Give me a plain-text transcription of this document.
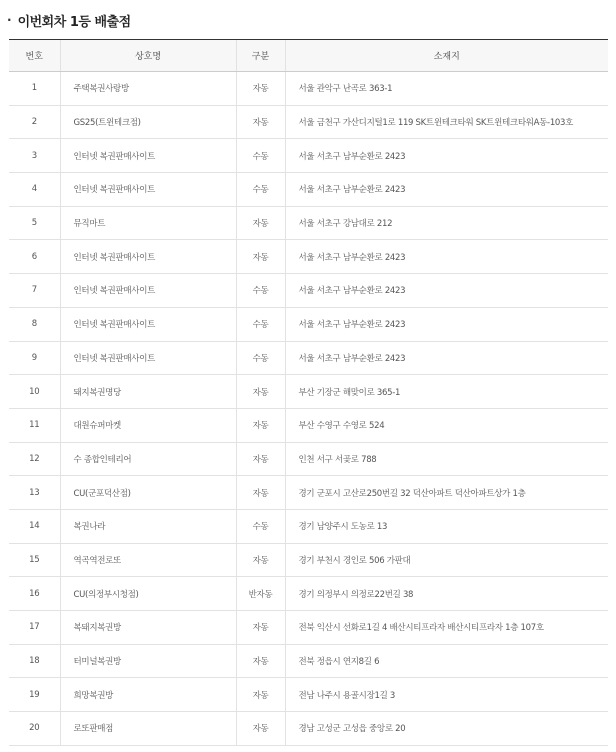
· 이번회차 1등 배출점
번호	상호명	구분	소재지
1	주택복권사랑방	자동	서울 관악구 난곡로 363-1
2	GS25(트윈테크점)	자동	서울 금천구 가산디지털1로 119 SK트윈테크타워 SK트윈테크타워A동-103호
3	인터넷 복권판매사이트	수동	서울 서초구 남부순환로 2423
4	인터넷 복권판매사이트	수동	서울 서초구 남부순환로 2423
5	뮤직마트	자동	서울 서초구 강남대로 212
6	인터넷 복권판매사이트	자동	서울 서초구 남부순환로 2423
7	인터넷 복권판매사이트	수동	서울 서초구 남부순환로 2423
8	인터넷 복권판매사이트	수동	서울 서초구 남부순환로 2423
9	인터넷 복권판매사이트	수동	서울 서초구 남부순환로 2423
10	돼지복권명당	자동	부산 기장군 해맞이로 365-1
11	대원슈퍼마켓	자동	부산 수영구 수영로 524
12	수 종합인테리어	자동	인천 서구 서곶로 788
13	CU(군포덕산점)	자동	경기 군포시 고산로250번길 32 덕산아파트 덕산아파트상가 1층
14	복권나라	수동	경기 남양주시 도농로 13
15	역곡역전로또	자동	경기 부천시 경인로 506 가판대
16	CU(의정부시청점)	반자동	경기 의정부시 의정로22번길 38
17	복돼지복권방	자동	전북 익산시 선화로1길 4 배산시티프라자 배산시티프라자 1층 107호
18	터미널복권방	자동	전북 정읍시 연지8길 6
19	희망복권방	자동	전남 나주시 용골시장1길 3
20	로또판매점	자동	경남 고성군 고성읍 중앙로 20
